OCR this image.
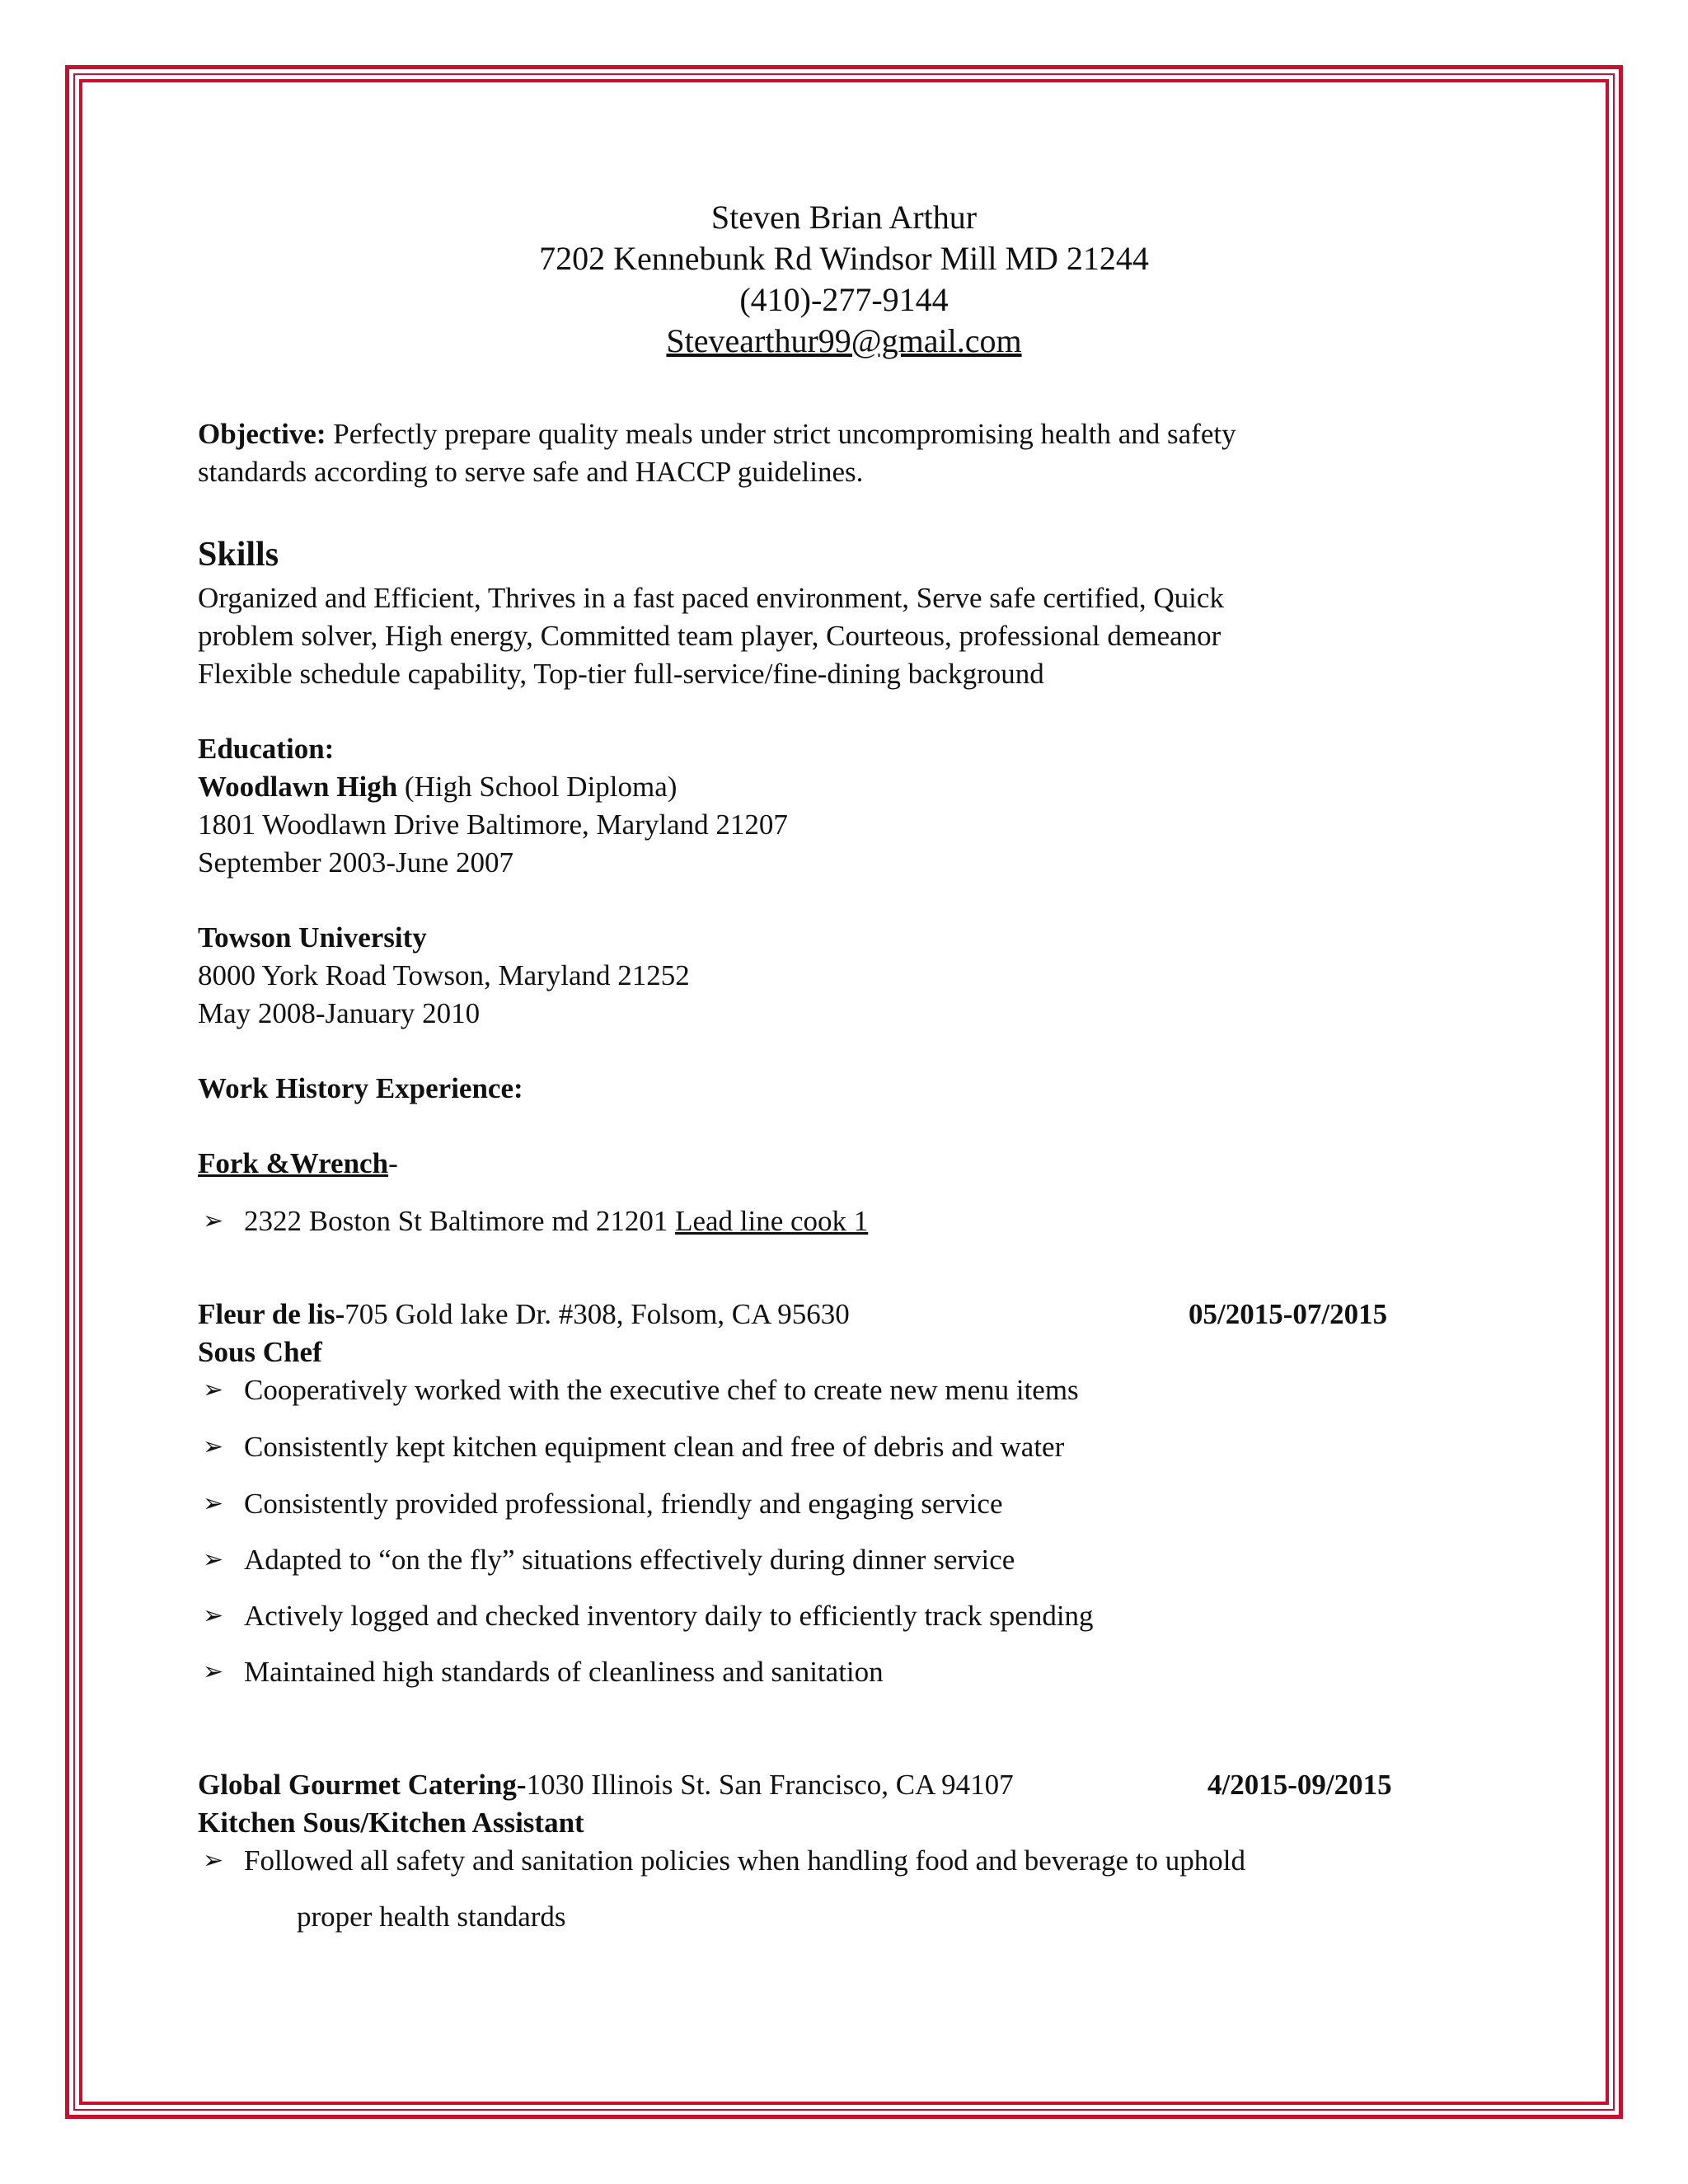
Steven Brian Arthur
7202 Kennebunk Rd Windsor Mill MD 21244
(410)-277-9144
Stevearthur99@gmail.com
Objective: Perfectly prepare quality meals under strict uncompromising health and safety
standards according to serve safe and HACCP guidelines.
Skills
Organized and Efficient, Thrives in a fast paced environment, Serve safe certified, Quick
problem solver, High energy, Committed team player, Courteous, professional demeanor
Flexible schedule capability, Top-tier full-service/fine-dining background
Education:
Woodlawn High (High School Diploma)
1801 Woodlawn Drive Baltimore, Maryland 21207
September 2003-June 2007
Towson University
8000 York Road Towson, Maryland 21252
May 2008-January 2010
Work History Experience:
Fork &Wrench-
➢ 2322 Boston St Baltimore md 21201 Lead line cook 1
Fleur de lis-705 Gold lake Dr. #308, Folsom, CA 95630	05/2015-07/2015
Sous Chef
➢ Cooperatively worked with the executive chef to create new menu items
➢ Consistently kept kitchen equipment clean and free of debris and water
➢ Consistently provided professional, friendly and engaging service
➢ Adapted to “on the fly” situations effectively during dinner service
➢ Actively logged and checked inventory daily to efficiently track spending
➢ Maintained high standards of cleanliness and sanitation
Global Gourmet Catering-1030 Illinois St. San Francisco, CA 94107	4/2015-09/2015
Kitchen Sous/Kitchen Assistant
➢ Followed all safety and sanitation policies when handling food and beverage to uphold
proper health standards
